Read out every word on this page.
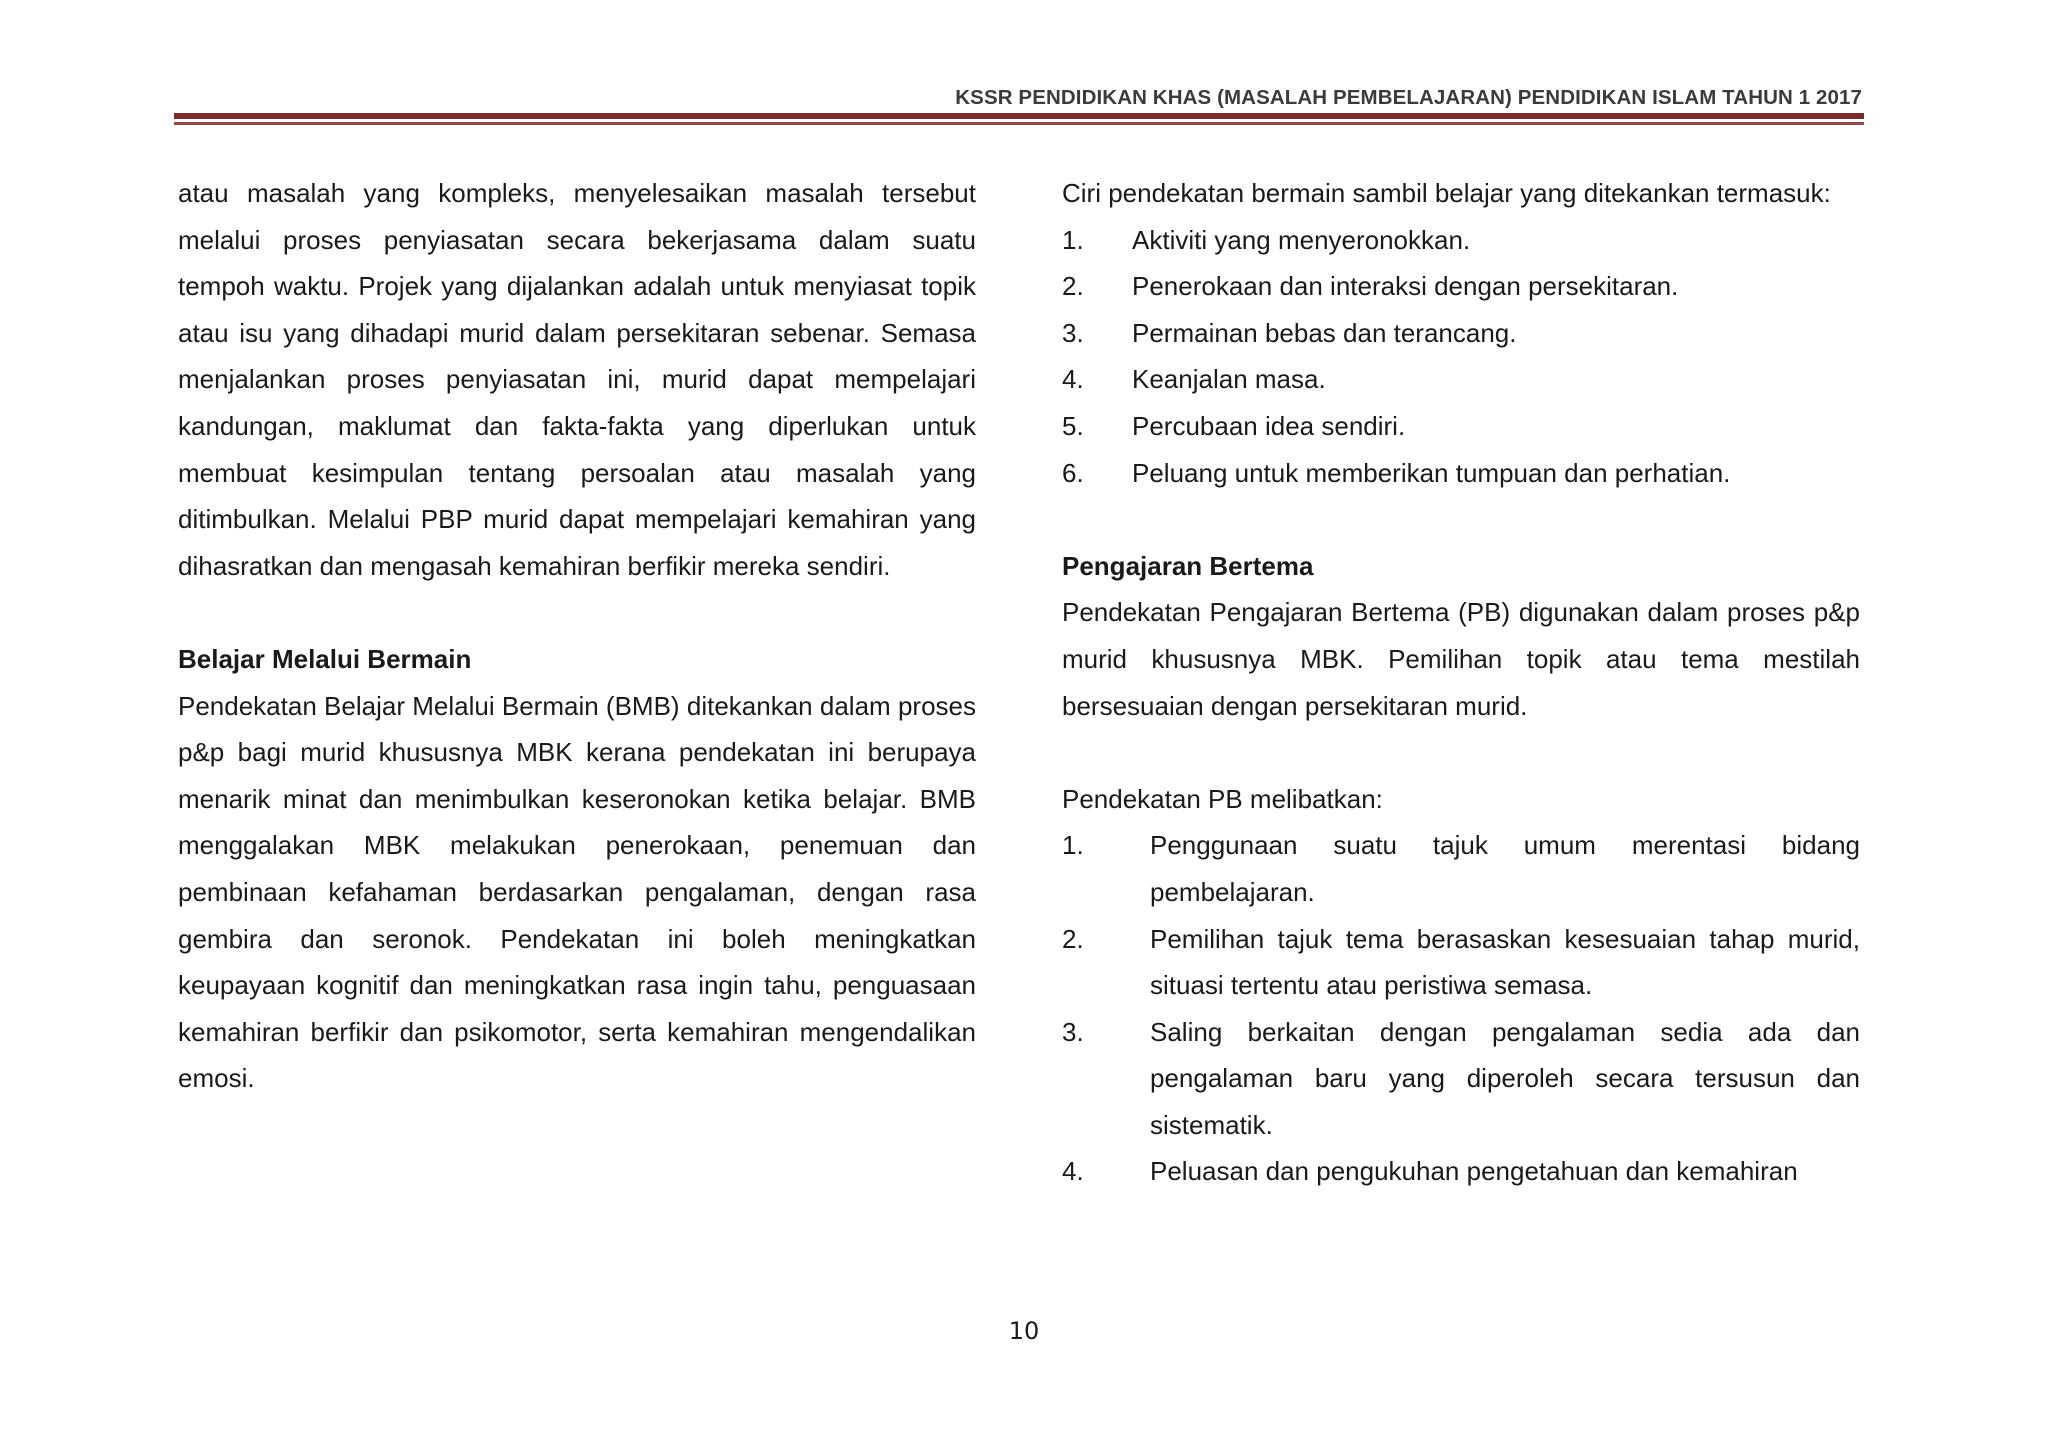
KSSR PENDIDIKAN KHAS (MASALAH PEMBELAJARAN) PENDIDIKAN ISLAM TAHUN 1 2017

atau masalah yang kompleks, menyelesaikan masalah tersebut melalui proses penyiasatan secara bekerjasama dalam suatu tempoh waktu. Projek yang dijalankan adalah untuk menyiasat topik atau isu yang dihadapi murid dalam persekitaran sebenar. Semasa menjalankan proses penyiasatan ini, murid dapat mempelajari kandungan, maklumat dan fakta-fakta yang diperlukan untuk membuat kesimpulan tentang persoalan atau masalah yang ditimbulkan. Melalui PBP murid dapat mempelajari kemahiran yang dihasratkan dan mengasah kemahiran berfikir mereka sendiri.

Belajar Melalui Bermain

Pendekatan Belajar Melalui Bermain (BMB) ditekankan dalam proses p&p bagi murid khususnya MBK kerana pendekatan ini berupaya menarik minat dan menimbulkan keseronokan ketika belajar. BMB menggalakan MBK melakukan penerokaan, penemuan dan pembinaan kefahaman berdasarkan pengalaman, dengan rasa gembira dan seronok. Pendekatan ini boleh meningkatkan keupayaan kognitif dan meningkatkan rasa ingin tahu, penguasaan kemahiran berfikir dan psikomotor, serta kemahiran mengendalikan emosi.

Ciri pendekatan bermain sambil belajar yang ditekankan termasuk:

1. Aktiviti yang menyeronokkan.
2. Penerokaan dan interaksi dengan persekitaran.
3. Permainan bebas dan terancang.
4. Keanjalan masa.
5. Percubaan idea sendiri.
6. Peluang untuk memberikan tumpuan dan perhatian.

Pengajaran Bertema

Pendekatan Pengajaran Bertema (PB) digunakan dalam proses p&p murid khususnya MBK. Pemilihan topik atau tema mestilah bersesuaian dengan persekitaran murid.

Pendekatan PB melibatkan:

1.	Penggunaan suatu tajuk umum merentasi bidang pembelajaran.
2.	Pemilihan tajuk tema berasaskan kesesuaian tahap murid, situasi tertentu atau peristiwa semasa.
3.	Saling berkaitan dengan pengalaman sedia ada dan pengalaman baru yang diperoleh secara tersusun dan sistematik.
4.	Peluasan dan pengukuhan pengetahuan dan kemahiran
10
